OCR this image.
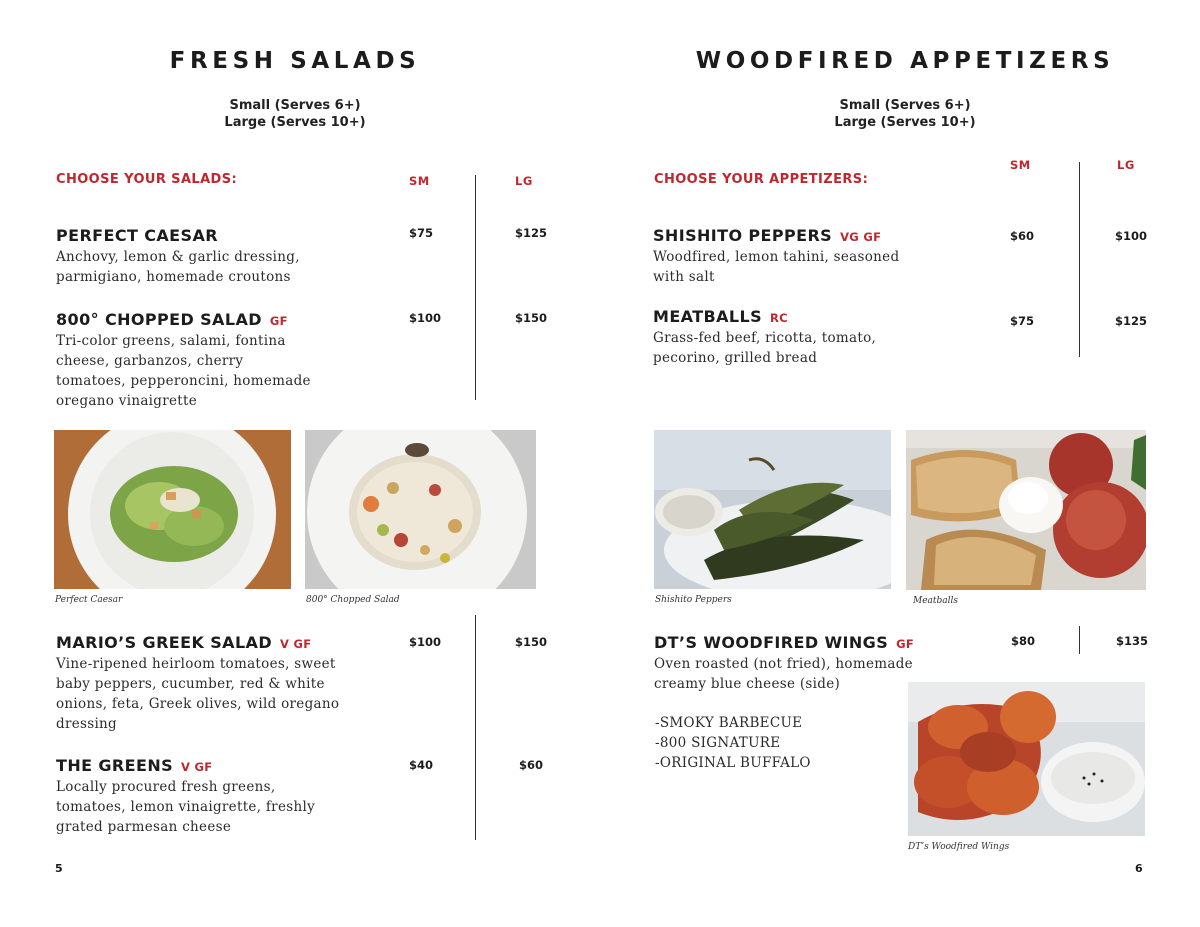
FRESH SALADS
Small (Serves 6+)
Large (Serves 10+)
CHOOSE YOUR SALADS:	SM	LG
PERFECT CAESAR
Anchovy, lemon & garlic dressing, parmigiano, homemade croutons
$75	$125
800° CHOPPED SALAD GF
Tri-color greens, salami, fontina cheese, garbanzos, cherry tomatoes, pepperoncini, homemade oregano vinaigrette
$100	$150
Perfect Caesar	800° Chopped Salad
MARIO’S GREEK SALAD V GF
Vine-ripened heirloom tomatoes, sweet baby peppers, cucumber, red & white onions, feta, Greek olives, wild oregano dressing
$100	$150
THE GREENS V GF
Locally procured fresh greens, tomatoes, lemon vinaigrette, freshly grated parmesan cheese
$40	$60
5
WOODFIRED APPETIZERS
Small (Serves 6+)
Large (Serves 10+)
CHOOSE YOUR APPETIZERS:
SM	LG
SHISHITO PEPPERS VG GF
Woodfired, lemon tahini, seasoned with salt
$60	$100
MEATBALLS RC
Grass-fed beef, ricotta, tomato, pecorino, grilled bread
$75	$125
Shishito Peppers	Meatballs
DT’S WOODFIRED WINGS GF
Oven roasted (not fried), homemade creamy blue cheese (side)
$80	$135
-SMOKY BARBECUE
-800 SIGNATURE
-ORIGINAL BUFFALO
DT’s Woodfired Wings
6
